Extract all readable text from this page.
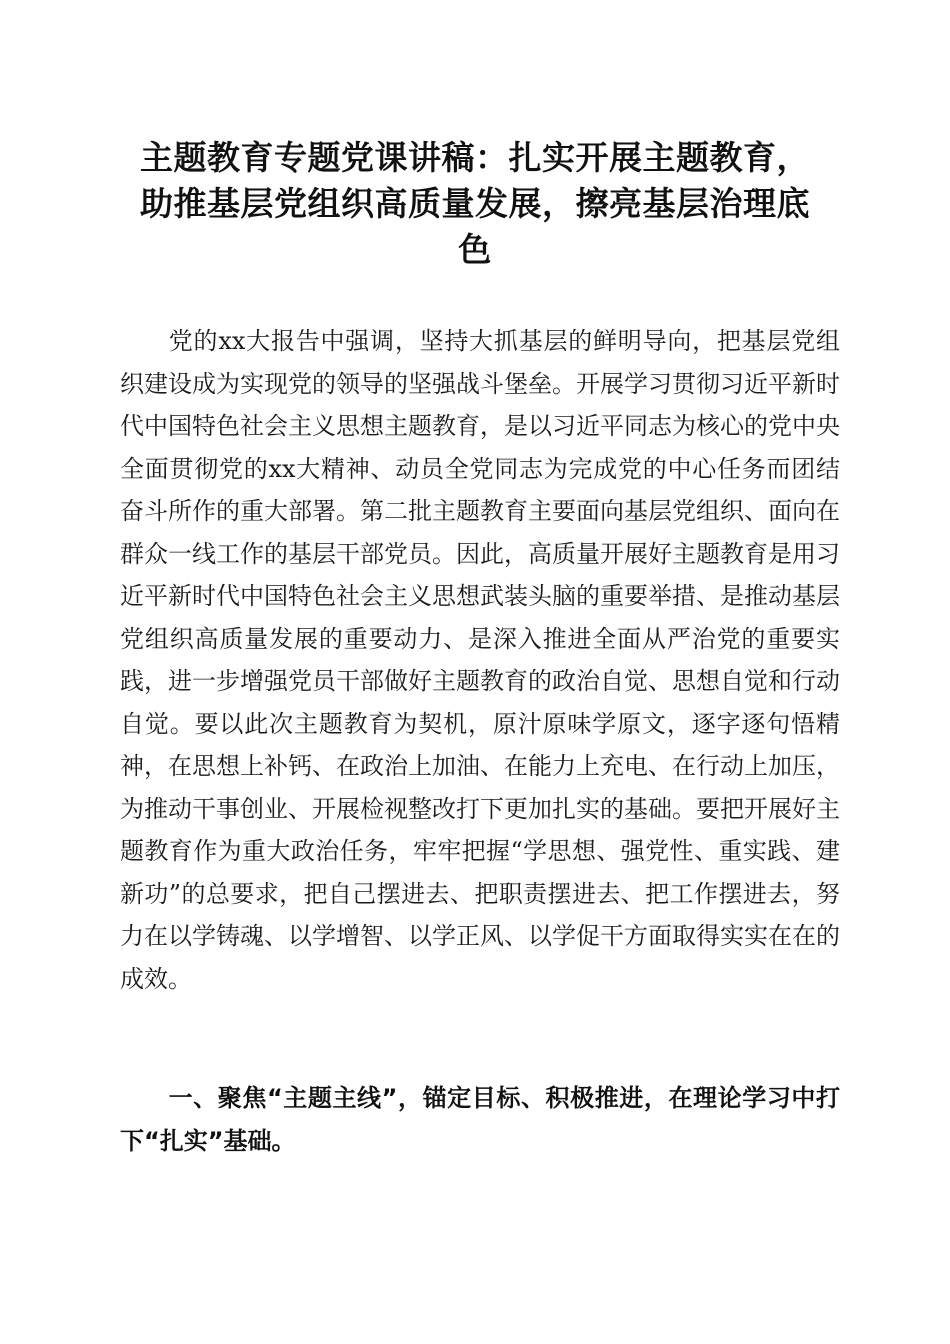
主题教育专题党课讲稿：扎实开展主题教育，
助推基层党组织高质量发展，擦亮基层治理底
色

党的xx大报告中强调，坚持大抓基层的鲜明导向，把基层党组织建设成为实现党的领导的坚强战斗堡垒。开展学习贯彻习近平新时代中国特色社会主义思想主题教育，是以习近平同志为核心的党中央全面贯彻党的xx大精神、动员全党同志为完成党的中心任务而团结奋斗所作的重大部署。第二批主题教育主要面向基层党组织、面向在群众一线工作的基层干部党员。因此，高质量开展好主题教育是用习近平新时代中国特色社会主义思想武装头脑的重要举措、是推动基层党组织高质量发展的重要动力、是深入推进全面从严治党的重要实践，进一步增强党员干部做好主题教育的政治自觉、思想自觉和行动自觉。要以此次主题教育为契机，原汁原味学原文，逐字逐句悟精神，在思想上补钙、在政治上加油、在能力上充电、在行动上加压，为推动干事创业、开展检视整改打下更加扎实的基础。要把开展好主题教育作为重大政治任务，牢牢把握“学思想、强党性、重实践、建新功”的总要求，把自己摆进去、把职责摆进去、把工作摆进去，努力在以学铸魂、以学增智、以学正风、以学促干方面取得实实在在的成效。

一、聚焦“主题主线”，锚定目标、积极推进，在理论学习中打下“扎实”基础。
